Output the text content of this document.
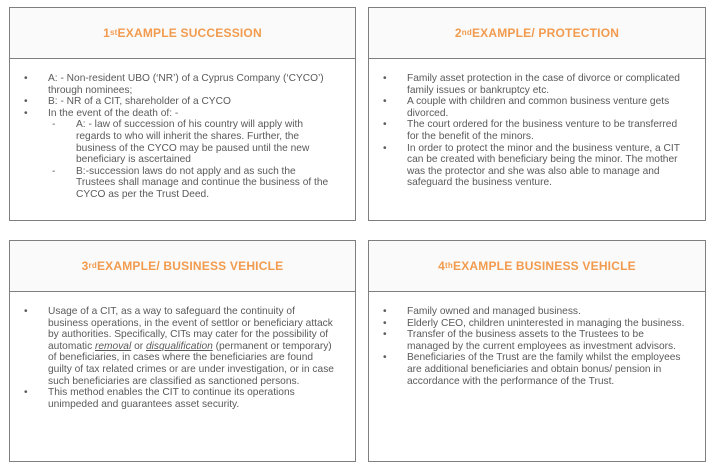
1st EXAMPLE SUCCESSION
• A: - Non-resident UBO (‘NR’) of a Cyprus Company (‘CYCO’) through nominees;
• B: - NR of a CIT, shareholder of a CYCO
• In the event of the death of: -
- A: - law of succession of his country will apply with regards to who will inherit the shares. Further, the business of the CYCO may be paused until the new beneficiary is ascertained
- B:-succession laws do not apply and as such the Trustees shall manage and continue the business of the CYCO as per the Trust Deed.
2nd EXAMPLE/ PROTECTION
• Family asset protection in the case of divorce or complicated family issues or bankruptcy etc.
• A couple with children and common business venture gets divorced.
• The court ordered for the business venture to be transferred for the benefit of the minors.
• In order to protect the minor and the business venture, a CIT can be created with beneficiary being the minor. The mother was the protector and she was also able to manage and safeguard the business venture.
3rd EXAMPLE/ BUSINESS VEHICLE
• Usage of a CIT, as a way to safeguard the continuity of business operations, in the event of settlor or beneficiary attack by authorities. Specifically, CITs may cater for the possibility of automatic removal or disqualification (permanent or temporary) of beneficiaries, in cases where the beneficiaries are found guilty of tax related crimes or are under investigation, or in case such beneficiaries are classified as sanctioned persons.
• This method enables the CIT to continue its operations unimpeded and guarantees asset security.
4th EXAMPLE BUSINESS VEHICLE
• Family owned and managed business.
• Elderly CEO, children uninterested in managing the business.
• Transfer of the business assets to the Trustees to be managed by the current employees as investment advisors.
• Beneficiaries of the Trust are the family whilst the employees are additional beneficiaries and obtain bonus/ pension in accordance with the performance of the Trust.
